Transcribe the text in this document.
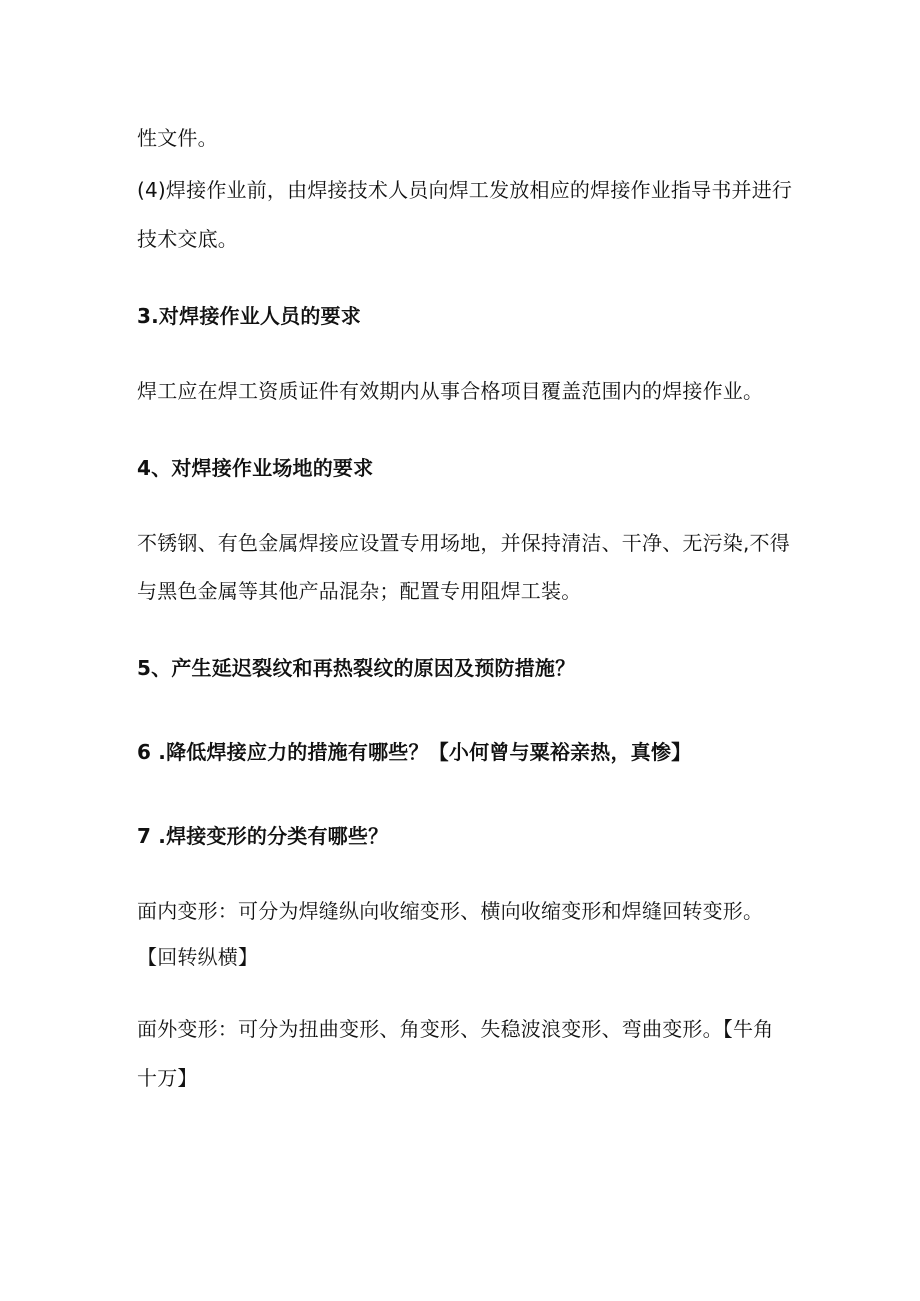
性文件。

(4)焊接作业前，由焊接技术人员向焊工发放相应的焊接作业指导书并进行

技术交底。

3.对焊接作业人员的要求

焊工应在焊工资质证件有效期内从事合格项目覆盖范围内的焊接作业。

4、对焊接作业场地的要求

不锈钢、有色金属焊接应设置专用场地，并保持清洁、干净、无污染,不得

与黑色金属等其他产品混杂；配置专用阻焊工装。

5、产生延迟裂纹和再热裂纹的原因及预防措施？

6 .降低焊接应力的措施有哪些？【小何曾与粟裕亲热，真惨】

7 .焊接变形的分类有哪些？

面内变形：可分为焊缝纵向收缩变形、横向收缩变形和焊缝回转变形。

【回转纵横】

面外变形：可分为扭曲变形、角变形、失稳波浪变形、弯曲变形。【牛角

十万】
